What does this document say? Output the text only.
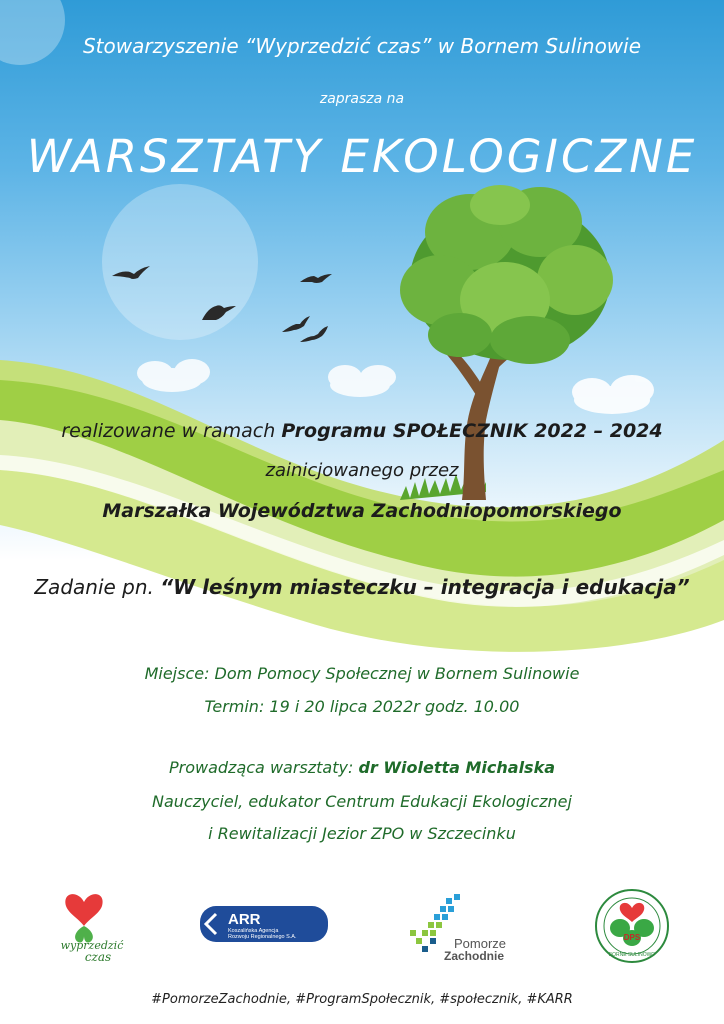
Stowarzyszenie “Wyprzedzić czas” w Bornem Sulinowie

zaprasza na

WARSZTATY EKOLOGICZNE

realizowane w ramach Programu SPOŁECZNIK 2022 – 2024

zainicjowanego przez

Marszałka Województwa Zachodniopomorskiego

Zadanie pn. “W leśnym miasteczku – integracja i edukacja”

Miejsce: Dom Pomocy Społecznej w Bornem Sulinowie

Termin: 19 i 20 lipca 2022r godz. 10.00

Prowadząca warsztaty: dr Wioletta Michalska

Nauczyciel, edukator Centrum Edukacji Ekologicznej

i Rewitalizacji Jezior ZPO w Szczecinku

wyprzedzić
czas
ARR
Koszalińska Agencja
Rozwoju Regionalnego S.A.	Pomorze
Zachodnie
DPS
BORNE SULINOWO

#PomorzeZachodnie, #ProgramSpołecznik, #społecznik, #KARR
